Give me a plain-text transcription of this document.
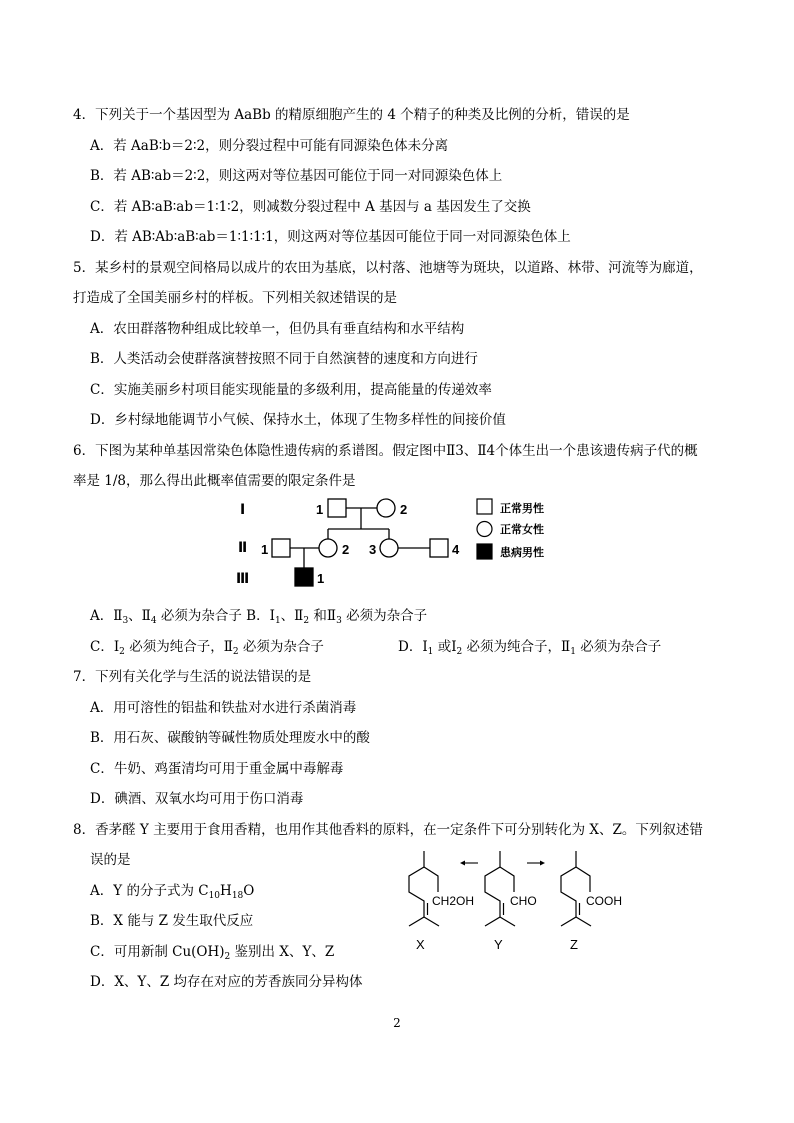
4．下列关于一个基因型为 AaBb 的精原细胞产生的 4 个精子的种类及比例的分析，错误的是
A．若 AaB∶b＝2∶2，则分裂过程中可能有同源染色体未分离
B．若 AB∶ab＝2∶2，则这两对等位基因可能位于同一对同源染色体上
C．若 AB∶aB∶ab＝1∶1∶2，则减数分裂过程中 A 基因与 a 基因发生了交换
D．若 AB∶Ab∶aB∶ab＝1∶1∶1∶1，则这两对等位基因可能位于同一对同源染色体上
5．某乡村的景观空间格局以成片的农田为基底，以村落、池塘等为斑块，以道路、林带、河流等为廊道，
打造成了全国美丽乡村的样板。下列相关叙述错误的是
A．农田群落物种组成比较单一，但仍具有垂直结构和水平结构
B．人类活动会使群落演替按照不同于自然演替的速度和方向进行
C．实施美丽乡村项目能实现能量的多级利用，提高能量的传递效率
D．乡村绿地能调节小气候、保持水土，体现了生物多样性的间接价值
6．下图为某种单基因常染色体隐性遗传病的系谱图。假定图中Ⅱ3、Ⅱ4个体生出一个患该遗传病子代的概
率是 1/8，那么得出此概率值需要的限定条件是
Ⅰ
Ⅱ
Ⅲ
1	2
1	2 3	4
1
正常男性
正常女性
患病男性
A．$Ⅱ_3$、$Ⅱ_4$ 必须为杂合子 B．$Ⅰ_1$、$Ⅱ_2$ 和$Ⅱ_3$ 必须为杂合子
C．$Ⅰ_2$ 必须为纯合子，$Ⅱ_2$ 必须为杂合子	D．$Ⅰ_1$ 或$Ⅰ_2$ 必须为纯合子，$Ⅱ_1$ 必须为杂合子
7．下列有关化学与生活的说法错误的是
A．用可溶性的铝盐和铁盐对水进行杀菌消毒
B．用石灰、碳酸钠等碱性物质处理废水中的酸
C．牛奶、鸡蛋清均可用于重金属中毒解毒
D．碘酒、双氧水均可用于伤口消毒
8．香茅醛 Y 主要用于食用香精，也用作其他香料的原料，在一定条件下可分别转化为 X、Z。下列叙述错
误的是
A．Y 的分子式为 $C_{10}H_{18}O$
B．X 能与 Z 发生取代反应
C．可用新制 $Cu(OH)_2$ 鉴别出 X、Y、Z
D．X、Y、Z 均存在对应的芳香族同分异构体
CH2OH	CHO	COOH
X	Y	Z
2
